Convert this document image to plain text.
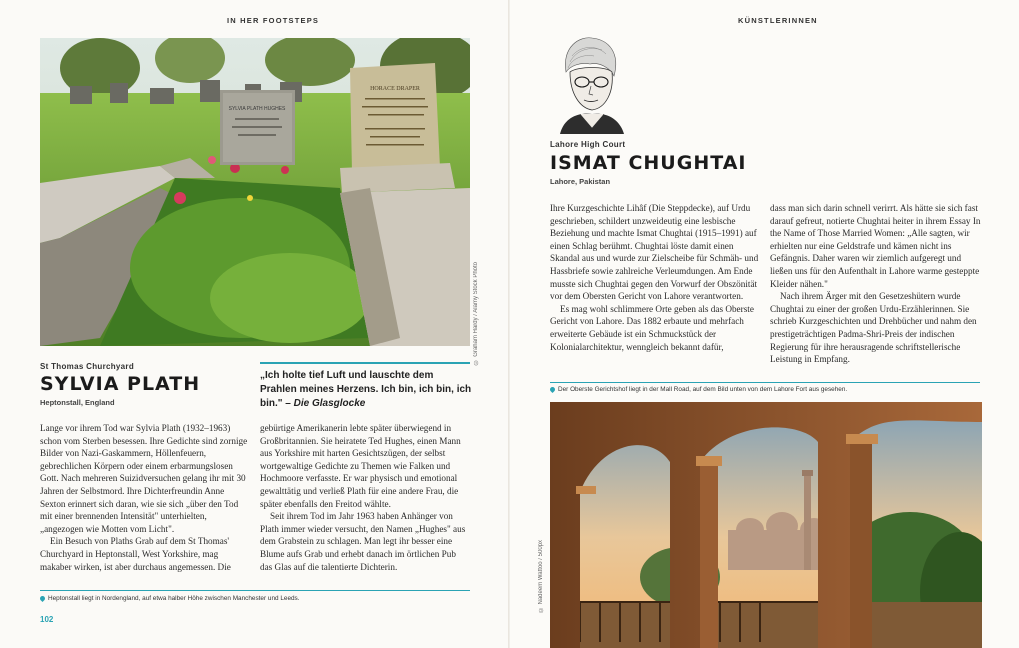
IN HER FOOTSTEPS
SYLVIA PLATH HUGHES
HORACE DRAPER
© Graham Hardy / Alamy Stock Photo
St Thomas Churchyard
SYLVIA PLATH
Heptonstall, England
„Ich holte tief Luft und lauschte dem Prahlen meines Herzens. Ich bin, ich bin, ich bin." – Die Glasglocke

Lange vor ihrem Tod war Sylvia Plath (1932–1963) schon vom Sterben besessen. Ihre Gedichte sind zornige Bilder von Nazi-Gaskammern, Höllenfeuern, gebrechlichen Körpern oder einem erbarmungslosen Gott. Nach mehreren Suizidversuchen gelang ihr mit 30 Jahren der Selbstmord. Ihre Dichterfreundin Anne Sexton erinnert sich daran, wie sie sich „über den Tod mit einer brennenden Intensität" unterhielten, „angezogen wie Motten vom Licht".

Ein Besuch von Plaths Grab auf dem St Thomas' Churchyard in Heptonstall, West Yorkshire, mag makaber wirken, ist aber durchaus angemessen. Die

gebürtige Amerikanerin lebte später überwiegend in Großbritannien. Sie heiratete Ted Hughes, einen Mann aus Yorkshire mit harten Gesichtszügen, der selbst wortgewaltige Gedichte zu Themen wie Falken und Hochmoore verfasste. Er war physisch und emotional gewalttätig und verließ Plath für eine andere Frau, die später ebenfalls den Freitod wählte.

Seit ihrem Tod im Jahr 1963 haben Anhänger von Plath immer wieder versucht, den Namen „Hughes" aus dem Grabstein zu schlagen. Man legt ihr besser eine Blume aufs Grab und erhebt danach im örtlichen Pub das Glas auf die talentierte Dichterin.

Heptonstall liegt in Nordengland, auf etwa halber Höhe zwischen Manchester und Leeds.
102
KÜNSTLERINNEN
Lahore High Court
ISMAT CHUGHTAI
Lahore, Pakistan

Ihre Kurzgeschichte Lihâf (Die Steppdecke), auf Urdu geschrieben, schildert unzweideutig eine lesbische Beziehung und machte Ismat Chughtai (1915–1991) auf einen Schlag berühmt. Chughtai löste damit einen Skandal aus und wurde zur Zielscheibe für Schmäh- und Hassbriefe sowie zahlreiche Verleumdungen. Am Ende musste sich Chughtai gegen den Vorwurf der Obszönität vor dem Obersten Gericht von Lahore verantworten.

Es mag wohl schlimmere Orte geben als das Oberste Gericht von Lahore. Das 1882 erbaute und mehrfach erweiterte Gebäude ist ein Schmuckstück der Kolonialarchitektur, wenngleich bekannt dafür,

dass man sich darin schnell verirrt. Als hätte sie sich fast darauf gefreut, notierte Chughtai heiter in ihrem Essay In the Name of Those Married Women: „Alle sagten, wir erhielten nur eine Geldstrafe und kämen nicht ins Gefängnis. Daher waren wir ziemlich aufgeregt und ließen uns für den Aufenthalt in Lahore warme gesteppte Kleider nähen."

Nach ihrem Ärger mit den Gesetzeshütern wurde Chughtai zu einer der großen Urdu-Erzählerinnen. Sie schrieb Kurzgeschichten und Drehbücher und nahm den prestigeträchtigen Padma-Shri-Preis der indischen Regierung für ihre herausragende schriftstellerische Leistung in Empfang.

Der Oberste Gerichtshof liegt in der Mall Road, auf dem Bild unten von dem Lahore Fort aus gesehen.
© Nadeem Wattoo / 500px
